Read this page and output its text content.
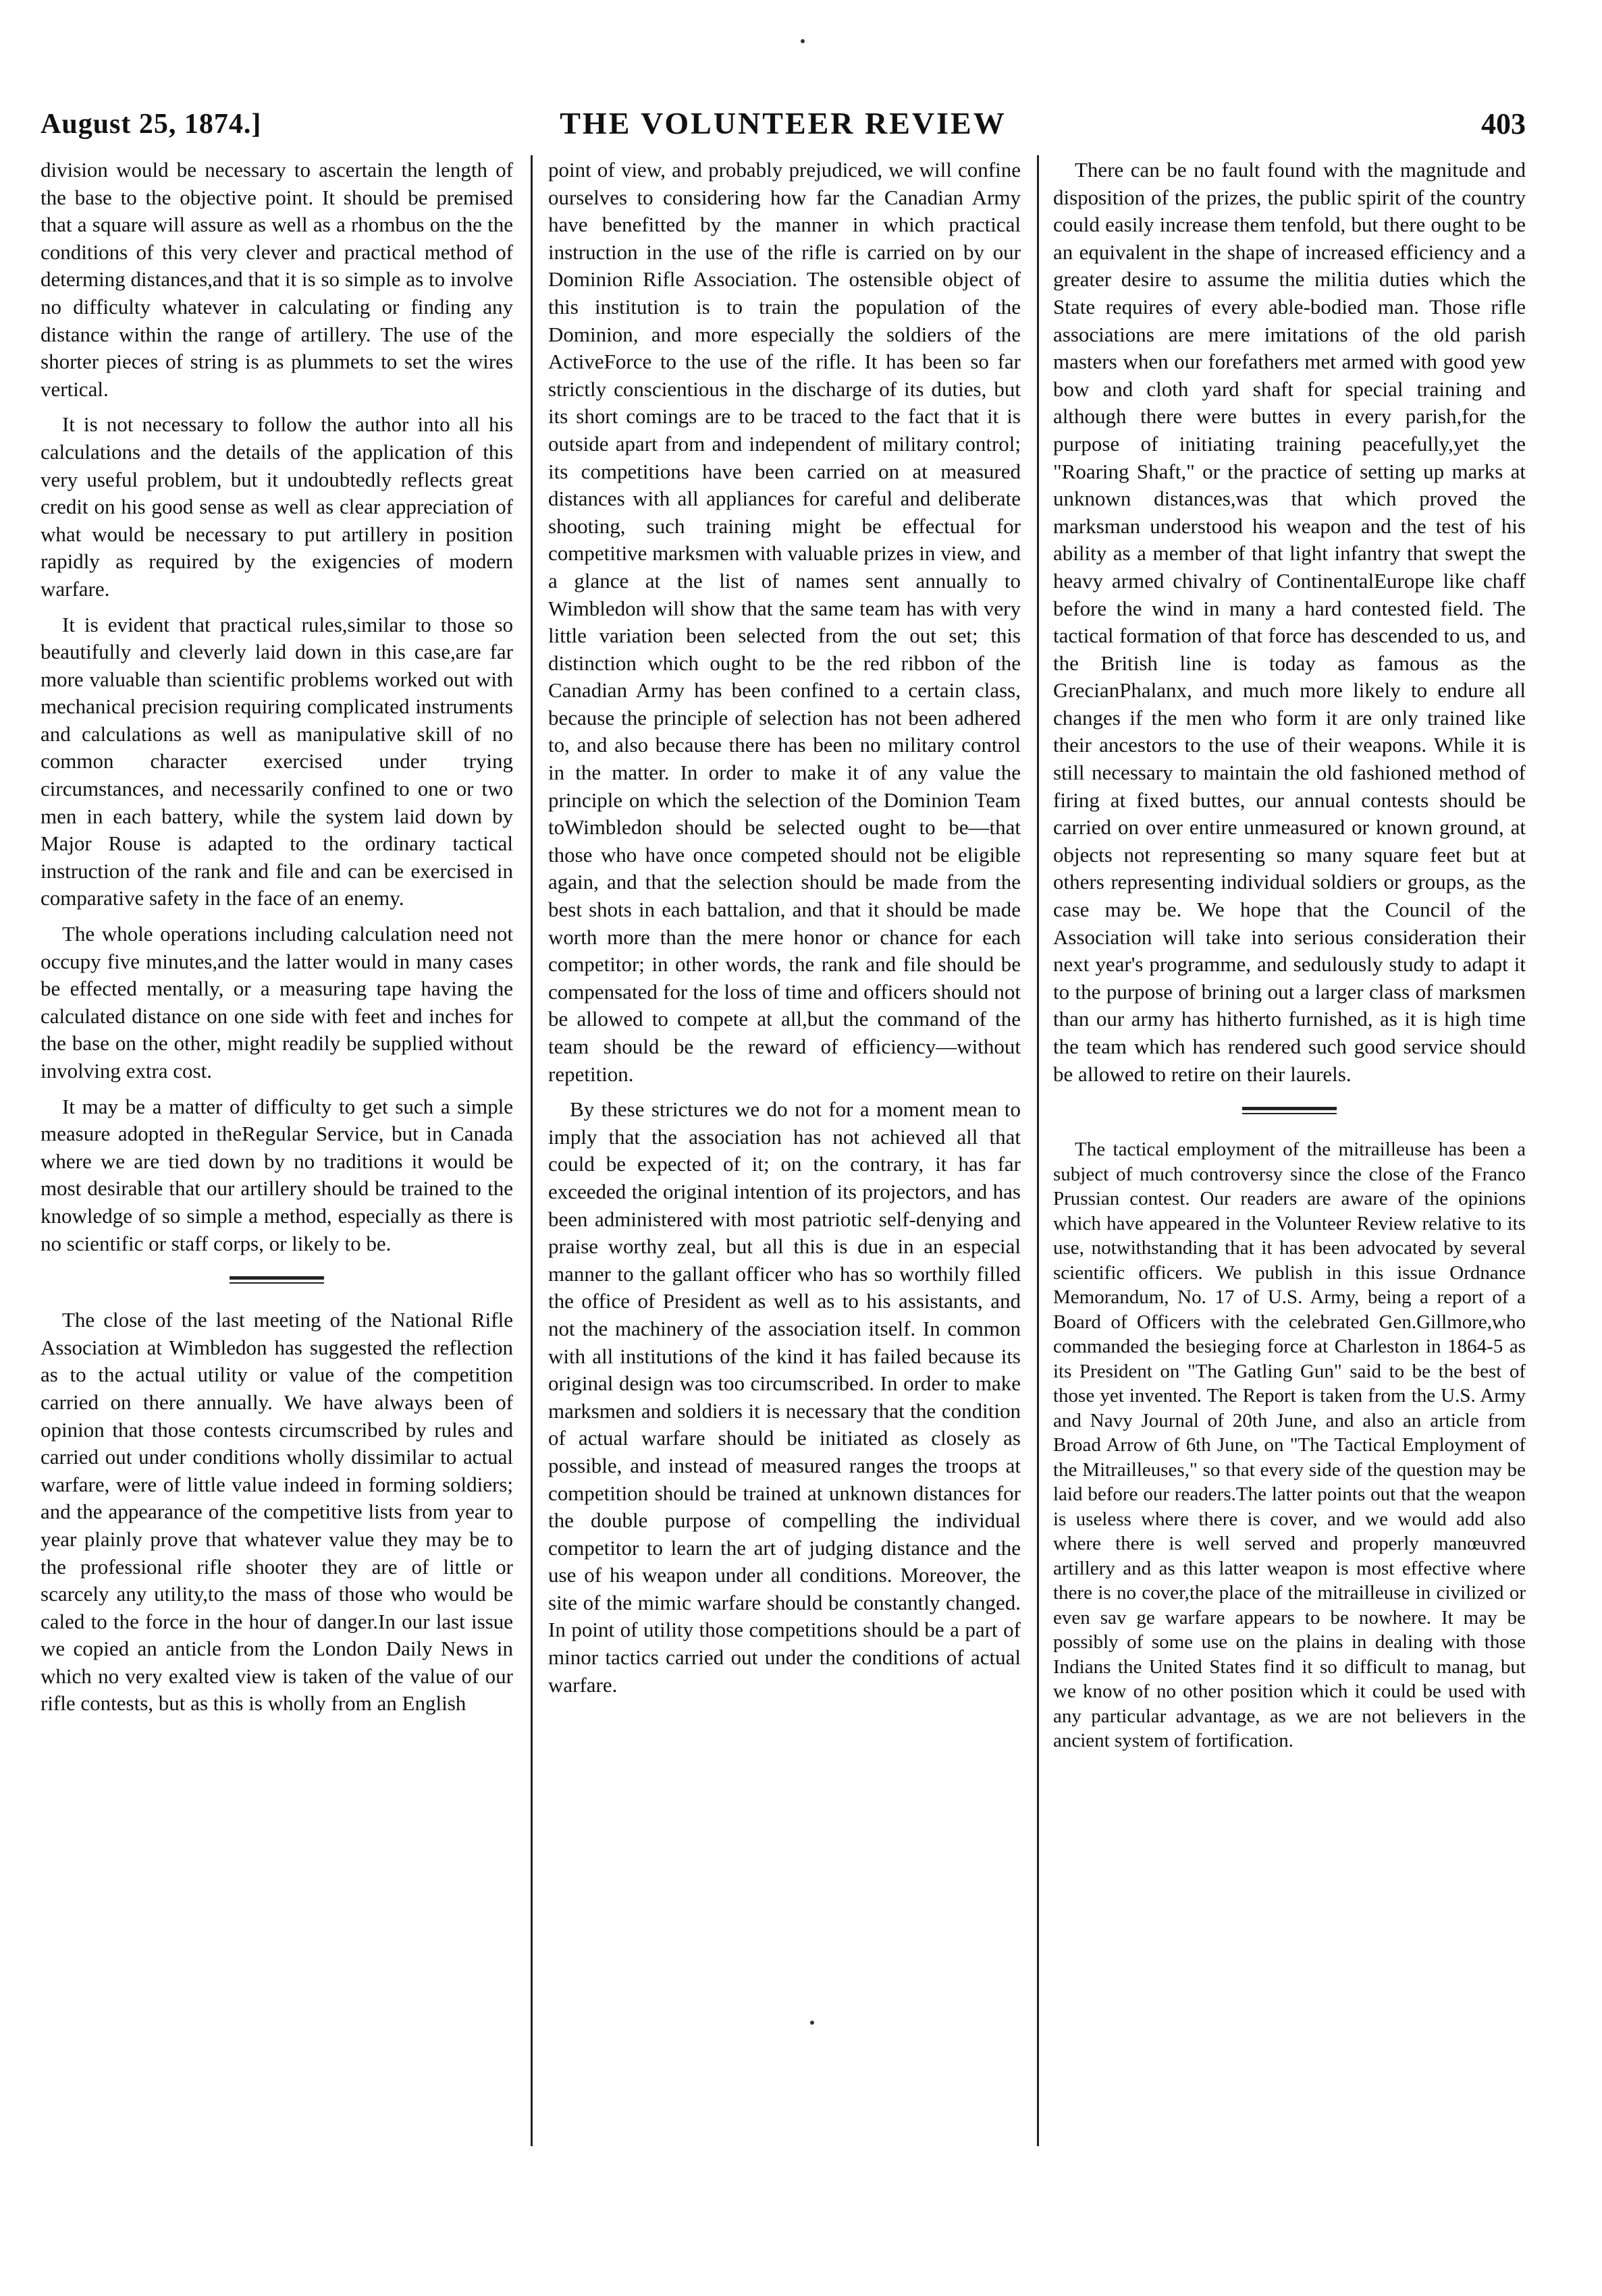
August 25, 1874.]	THE VOLUNTEER REVIEW	403

division would be necessary to ascertain the length of the base to the objective point. It should be premised that a square will assure as well as a rhombus on the the conditions of this very clever and practical method of determing distances,and that it is so simple as to involve no difficulty whatever in calculating or finding any distance within the range of artillery. The use of the shorter pieces of string is as plummets to set the wires vertical.

It is not necessary to follow the author into all his calculations and the details of the application of this very useful problem, but it undoubtedly reflects great credit on his good sense as well as clear appreciation of what would be necessary to put artillery in position rapidly as required by the exigencies of modern warfare.

It is evident that practical rules,similar to those so beautifully and cleverly laid down in this case,are far more valuable than scientific problems worked out with mechanical precision requiring complicated instruments and calculations as well as manipulative skill of no common character exercised under trying circumstances, and necessarily confined to one or two men in each battery, while the system laid down by Major Rouse is adapted to the ordinary tactical instruction of the rank and file and can be exercised in comparative safety in the face of an enemy.

The whole operations including calculation need not occupy five minutes,and the latter would in many cases be effected mentally, or a measuring tape having the calculated distance on one side with feet and inches for the base on the other, might readily be supplied without involving extra cost.

It may be a matter of difficulty to get such a simple measure adopted in theRegular Service, but in Canada where we are tied down by no traditions it would be most desirable that our artillery should be trained to the knowledge of so simple a method, especially as there is no scientific or staff corps, or likely to be.

The close of the last meeting of the National Rifle Association at Wimbledon has suggested the reflection as to the actual utility or value of the competition carried on there annually. We have always been of opinion that those contests circumscribed by rules and carried out under conditions wholly dissimilar to actual warfare, were of little value indeed in forming soldiers; and the appearance of the competitive lists from year to year plainly prove that whatever value they may be to the professional rifle shooter they are of little or scarcely any utility,to the mass of those who would be caled to the force in the hour of danger.In our last issue we copied an anticle from the London Daily News in which no very exalted view is taken of the value of our rifle contests, but as this is wholly from an English

point of view, and probably prejudiced, we will confine ourselves to considering how far the Canadian Army have benefitted by the manner in which practical instruction in the use of the rifle is carried on by our Dominion Rifle Association. The ostensible object of this institution is to train the population of the Dominion, and more especially the soldiers of the ActiveForce to the use of the rifle. It has been so far strictly conscientious in the discharge of its duties, but its short comings are to be traced to the fact that it is outside apart from and independent of military control; its competitions have been carried on at measured distances with all appliances for careful and deliberate shooting, such training might be effectual for competitive marksmen with valuable prizes in view, and a glance at the list of names sent annually to Wimbledon will show that the same team has with very little variation been selected from the out set; this distinction which ought to be the red ribbon of the Canadian Army has been confined to a certain class, because the principle of selection has not been adhered to, and also because there has been no military control in the matter. In order to make it of any value the principle on which the selection of the Dominion Team toWimbledon should be selected ought to be—that those who have once competed should not be eligible again, and that the selection should be made from the best shots in each battalion, and that it should be made worth more than the mere honor or chance for each competitor; in other words, the rank and file should be compensated for the loss of time and officers should not be allowed to compete at all,but the command of the team should be the reward of efficiency—without repetition.

By these strictures we do not for a moment mean to imply that the association has not achieved all that could be expected of it; on the contrary, it has far exceeded the original intention of its projectors, and has been administered with most patriotic self-denying and praise worthy zeal, but all this is due in an especial manner to the gallant officer who has so worthily filled the office of President as well as to his assistants, and not the machinery of the association itself. In common with all institutions of the kind it has failed because its original design was too circumscribed. In order to make marksmen and soldiers it is necessary that the condition of actual warfare should be initiated as closely as possible, and instead of measured ranges the troops at competition should be trained at unknown distances for the double purpose of compelling the individual competitor to learn the art of judging distance and the use of his weapon under all conditions. Moreover, the site of the mimic warfare should be constantly changed. In point of utility those competitions should be a part of minor tactics carried out under the conditions of actual warfare.

There can be no fault found with the magnitude and disposition of the prizes, the public spirit of the country could easily increase them tenfold, but there ought to be an equivalent in the shape of increased efficiency and a greater desire to assume the militia duties which the State requires of every able-bodied man. Those rifle associations are mere imitations of the old parish masters when our forefathers met armed with good yew bow and cloth yard shaft for special training and although there were buttes in every parish,for the purpose of initiating training peacefully,yet the "Roaring Shaft," or the practice of setting up marks at unknown distances,was that which proved the marksman understood his weapon and the test of his ability as a member of that light infantry that swept the heavy armed chivalry of ContinentalEurope like chaff before the wind in many a hard contested field. The tactical formation of that force has descended to us, and the British line is today as famous as the GrecianPhalanx, and much more likely to endure all changes if the men who form it are only trained like their ancestors to the use of their weapons. While it is still necessary to maintain the old fashioned method of firing at fixed buttes, our annual contests should be carried on over entire unmeasured or known ground, at objects not representing so many square feet but at others representing individual soldiers or groups, as the case may be. We hope that the Council of the Association will take into serious consideration their next year's programme, and sedulously study to adapt it to the purpose of brining out a larger class of marksmen than our army has hitherto furnished, as it is high time the team which has rendered such good service should be allowed to retire on their laurels.

The tactical employment of the mitrailleuse has been a subject of much controversy since the close of the Franco Prussian contest. Our readers are aware of the opinions which have appeared in the Volunteer Review relative to its use, notwithstanding that it has been advocated by several scientific officers. We publish in this issue Ordnance Memorandum, No. 17 of U.S. Army, being a report of a Board of Officers with the celebrated Gen.Gillmore,who commanded the besieging force at Charleston in 1864-5 as its President on "The Gatling Gun" said to be the best of those yet invented. The Report is taken from the U.S. Army and Navy Journal of 20th June, and also an article from Broad Arrow of 6th June, on "The Tactical Employment of the Mitrailleuses," so that every side of the question may be laid before our readers.The latter points out that the weapon is useless where there is cover, and we would add also where there is well served and properly manœuvred artillery and as this latter weapon is most effective where there is no cover,the place of the mitrailleuse in civilized or even sav ge warfare appears to be nowhere. It may be possibly of some use on the plains in dealing with those Indians the United States find it so difficult to manag, but we know of no other position which it could be used with any particular advantage, as we are not believers in the ancient system of fortification.
